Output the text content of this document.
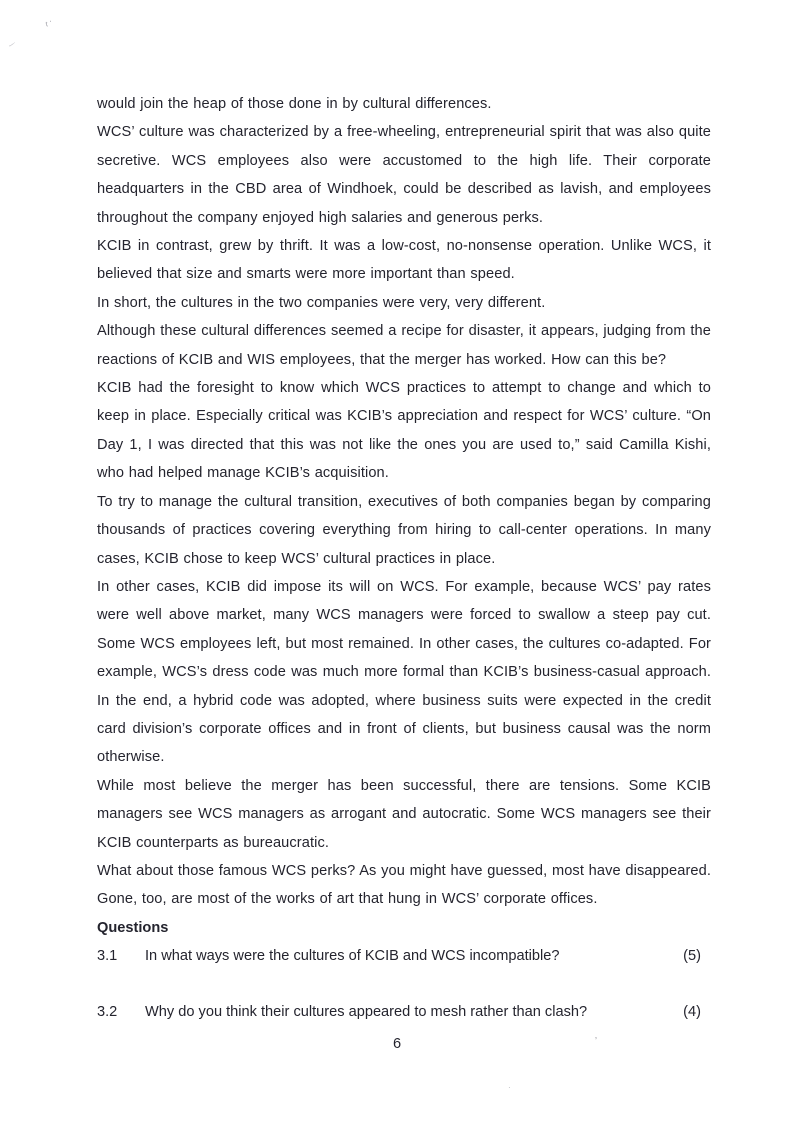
ᵗ˙
ʲ
ʼ
·

would join the heap of those done in by cultural differences.

WCS’ culture was characterized by a free-wheeling, entrepreneurial spirit that was also quite secretive. WCS employees also were accustomed to the high life. Their corporate headquarters in the CBD area of Windhoek, could be described as lavish, and employees throughout the company enjoyed high salaries and generous perks.

KCIB in contrast, grew by thrift. It was a low-cost, no-nonsense operation. Unlike WCS, it believed that size and smarts were more important than speed.

In short, the cultures in the two companies were very, very different.

Although these cultural differences seemed a recipe for disaster, it appears, judging from the reactions of KCIB and WIS employees, that the merger has worked. How can this be?

KCIB had the foresight to know which WCS practices to attempt to change and which to keep in place. Especially critical was KCIB’s appreciation and respect for WCS’ culture. “On Day 1, I was directed that this was not like the ones you are used to,” said Camilla Kishi, who had helped manage KCIB’s acquisition.

To try to manage the cultural transition, executives of both companies began by comparing thousands of practices covering everything from hiring to call-center operations. In many cases, KCIB chose to keep WCS’ cultural practices in place.

In other cases, KCIB did impose its will on WCS. For example, because WCS’ pay rates were well above market, many WCS managers were forced to swallow a steep pay cut. Some WCS employees left, but most remained. In other cases, the cultures co-adapted. For example, WCS’s dress code was much more formal than KCIB’s business-casual approach. In the end, a hybrid code was adopted, where business suits were expected in the credit card division’s corporate offices and in front of clients, but business causal was the norm otherwise.

While most believe the merger has been successful, there are tensions. Some KCIB managers see WCS managers as arrogant and autocratic. Some WCS managers see their KCIB counterparts as bureaucratic.

What about those famous WCS perks? As you might have guessed, most have disappeared. Gone, too, are most of the works of art that hung in WCS’ corporate offices.

Questions

3.1	In what ways were the cultures of KCIB and WCS incompatible?	(5)
3.2	Why do you think their cultures appeared to mesh rather than clash?	(4)
6
